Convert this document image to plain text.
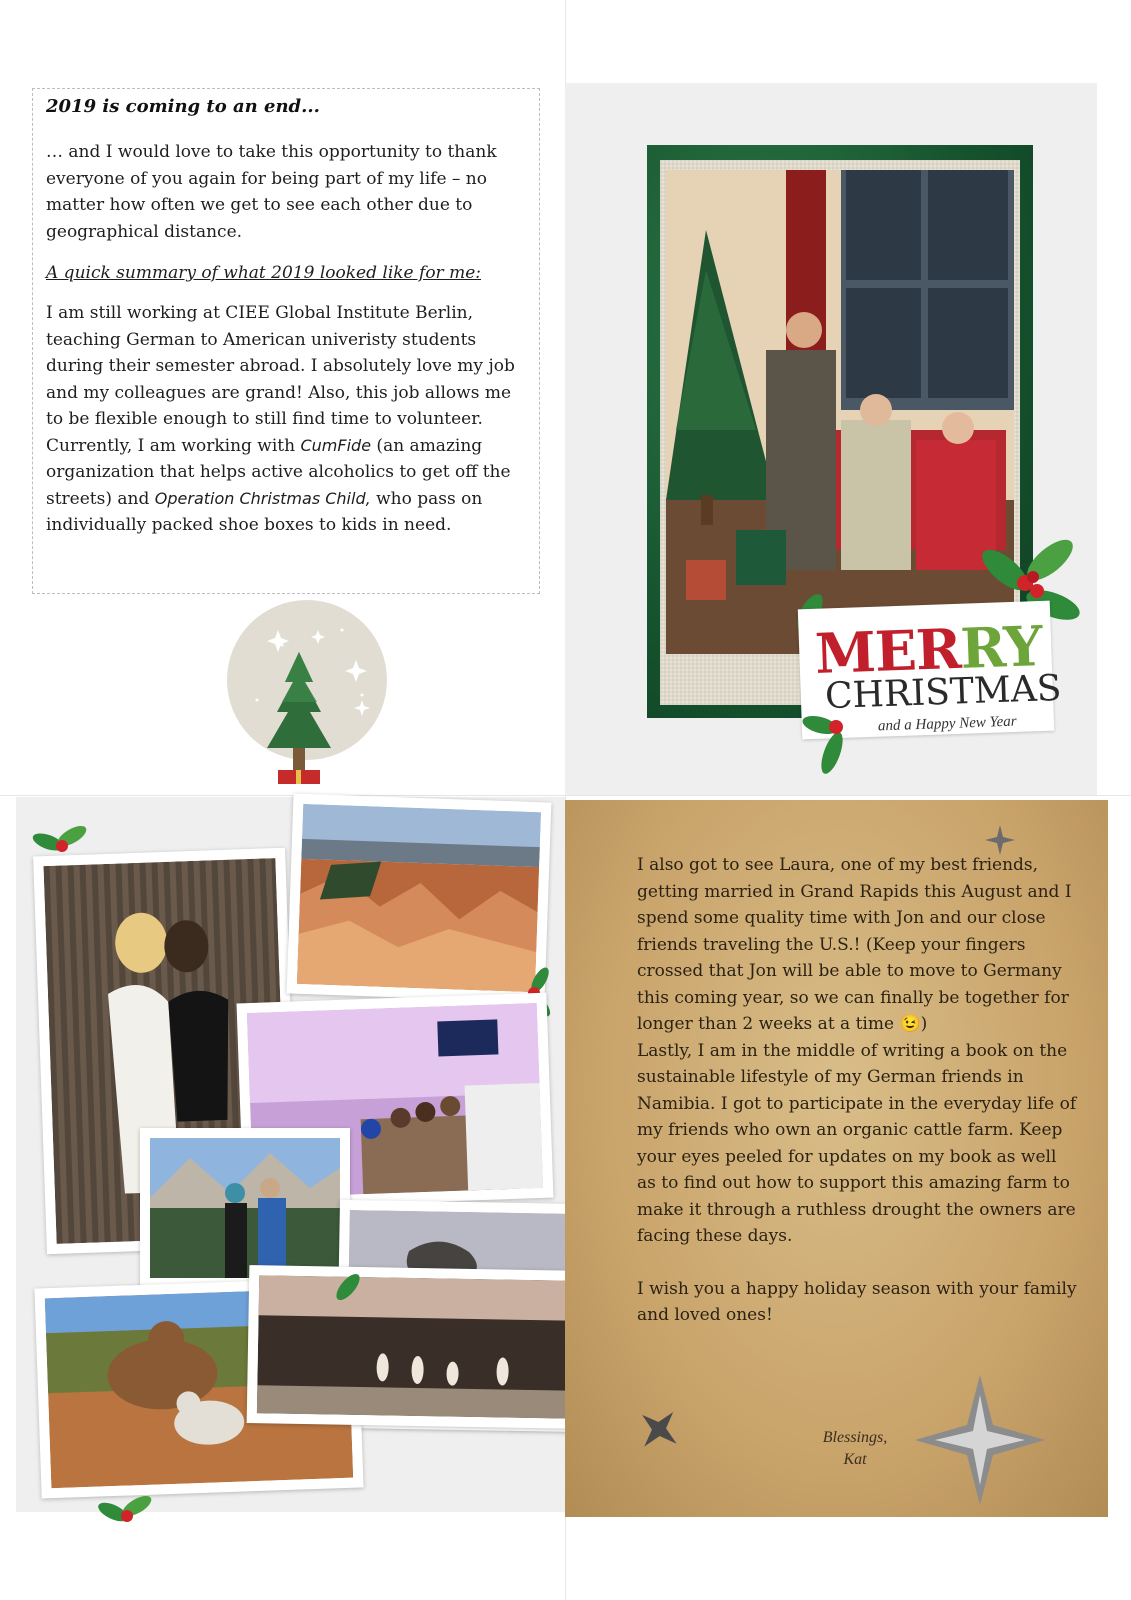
2019 is coming to an end...
… and I would love to take this opportunity to thank everyone of you again for being part of my life – no matter how often we get to see each other due to geographical distance.
A quick summary of what 2019 looked like for me:
I am still working at CIEE Global Institute Berlin, teaching German to American univeristy students during their semester abroad. I absolutely love my job and my colleagues are grand! Also, this job allows me to be flexible enough to still find time to volunteer. Currently, I am working with CumFide (an amazing organization that helps active alcoholics to get off the streets) and Operation Christmas Child, who pass on individually packed shoe boxes to kids in need.
MERRY
CHRISTMAS
and a Happy New Year

I also got to see Laura, one of my best friends, getting married in Grand Rapids this August and I spend some quality time with Jon and our close friends traveling the U.S.! (Keep your fingers crossed that Jon will be able to move to Germany this coming year, so we can finally be together for longer than 2 weeks at a time 😉)

Lastly, I am in the middle of writing a book on the sustainable lifestyle of my German friends in Namibia. I got to participate in the everyday life of my friends who own an organic cattle farm. Keep your eyes peeled for updates on my book as well as to find out how to support this amazing farm to make it through a ruthless drought the owners are facing these days.

I wish you a happy holiday season with your family and loved ones!

Blessings,
Kat
